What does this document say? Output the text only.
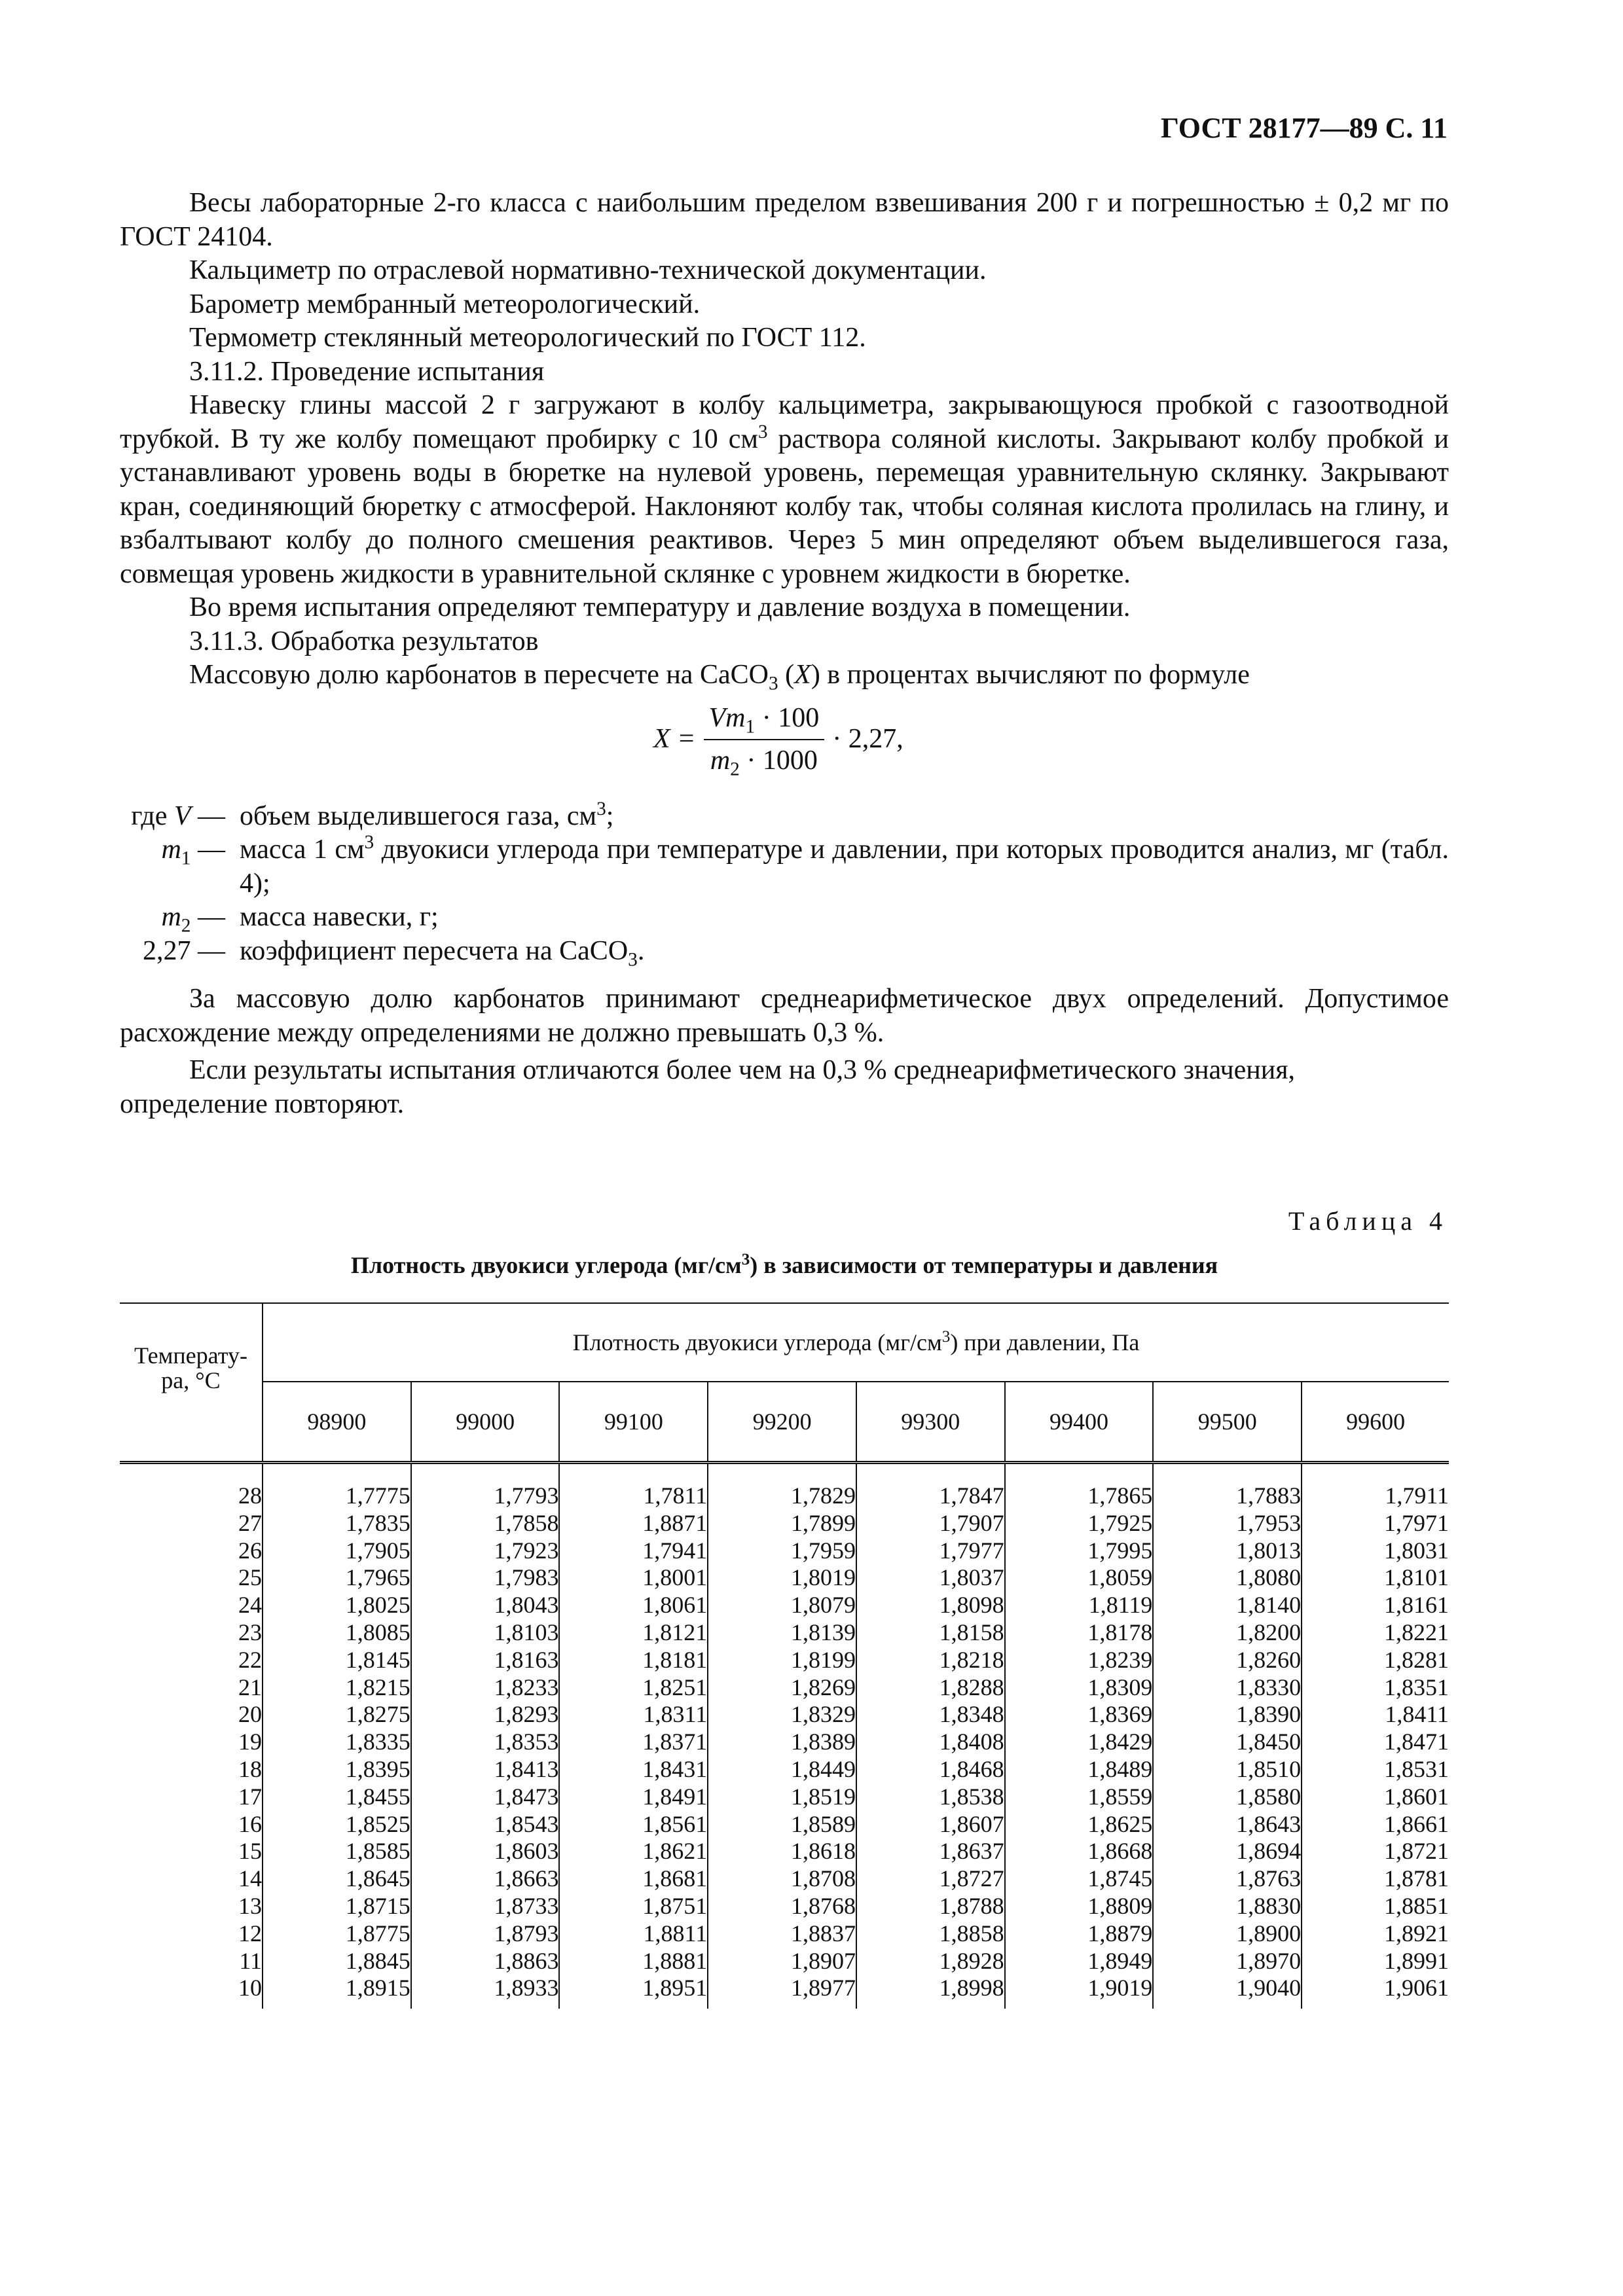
ГОСТ 28177—89 С. 11

Весы лабораторные 2-го класса с наибольшим пределом взвешивания 200 г и погрешностью ± 0,2 мг по ГОСТ 24104.

Кальциметр по отраслевой нормативно-технической документации.

Барометр мембранный метеорологический.

Термометр стеклянный метеорологический по ГОСТ 112.

3.11.2. Проведение испытания

Навеску глины массой 2 г загружают в колбу кальциметра, закрывающуюся пробкой с газоотводной трубкой. В ту же колбу помещают пробирку с 10 $см^3$ раствора соляной кислоты. Закрывают колбу пробкой и устанавливают уровень воды в бюретке на нулевой уровень, перемещая уравнительную склянку. Закрывают кран, соединяющий бюретку с атмосферой. Наклоняют колбу так, чтобы соляная кислота пролилась на глину, и взбалтывают колбу до полного смешения реактивов. Через 5 мин определяют объем выделившегося газа, совмещая уровень жидкости в уравнительной склянке с уровнем жидкости в бюретке.

Во время испытания определяют температуру и давление воздуха в помещении.

3.11.3. Обработка результатов

Массовую долю карбонатов в пересчете на СаСО$_3$ (X) в процентах вычисляют по формуле

$X = \frac{Vm_1 \cdot 100}{m_2 \cdot 1000} \cdot 2,27$,
где V — объем выделившегося газа, $см^3$;
$m_1$ — масса 1 $см^3$ двуокиси углерода при температуре и давлении, при которых проводится анализ, мг (табл. 4);
$m_2$ — масса навески, г;
2,27 — коэффициент пересчета на СаСО$_3$.

За массовую долю карбонатов принимают среднеарифметическое двух определений. Допустимое расхождение между определениями не должно превышать 0,3 %.

Если результаты испытания отличаются более чем на 0,3 % среднеарифметического значения, определение повторяют.

Таблица 4
Плотность двуокиси углерода $(мг/см^3)$ в зависимости от температуры и давления
Температу-ра, °С	Плотность двуокиси углерода $(мг/см^3)$ при давлении, Па							
	98900	99000	99100	99200	99300	99400	99500	99600
28	1,7775	1,7793	1,7811	1,7829	1,7847	1,7865	1,7883	1,7911
27	1,7835	1,7858	1,8871	1,7899	1,7907	1,7925	1,7953	1,7971
26	1,7905	1,7923	1,7941	1,7959	1,7977	1,7995	1,8013	1,8031
25	1,7965	1,7983	1,8001	1,8019	1,8037	1,8059	1,8080	1,8101
24	1,8025	1,8043	1,8061	1,8079	1,8098	1,8119	1,8140	1,8161
23	1,8085	1,8103	1,8121	1,8139	1,8158	1,8178	1,8200	1,8221
22	1,8145	1,8163	1,8181	1,8199	1,8218	1,8239	1,8260	1,8281
21	1,8215	1,8233	1,8251	1,8269	1,8288	1,8309	1,8330	1,8351
20	1,8275	1,8293	1,8311	1,8329	1,8348	1,8369	1,8390	1,8411
19	1,8335	1,8353	1,8371	1,8389	1,8408	1,8429	1,8450	1,8471
18	1,8395	1,8413	1,8431	1,8449	1,8468	1,8489	1,8510	1,8531
17	1,8455	1,8473	1,8491	1,8519	1,8538	1,8559	1,8580	1,8601
16	1,8525	1,8543	1,8561	1,8589	1,8607	1,8625	1,8643	1,8661
15	1,8585	1,8603	1,8621	1,8618	1,8637	1,8668	1,8694	1,8721
14	1,8645	1,8663	1,8681	1,8708	1,8727	1,8745	1,8763	1,8781
13	1,8715	1,8733	1,8751	1,8768	1,8788	1,8809	1,8830	1,8851
12	1,8775	1,8793	1,8811	1,8837	1,8858	1,8879	1,8900	1,8921
11	1,8845	1,8863	1,8881	1,8907	1,8928	1,8949	1,8970	1,8991
10	1,8915	1,8933	1,8951	1,8977	1,8998	1,9019	1,9040	1,9061
